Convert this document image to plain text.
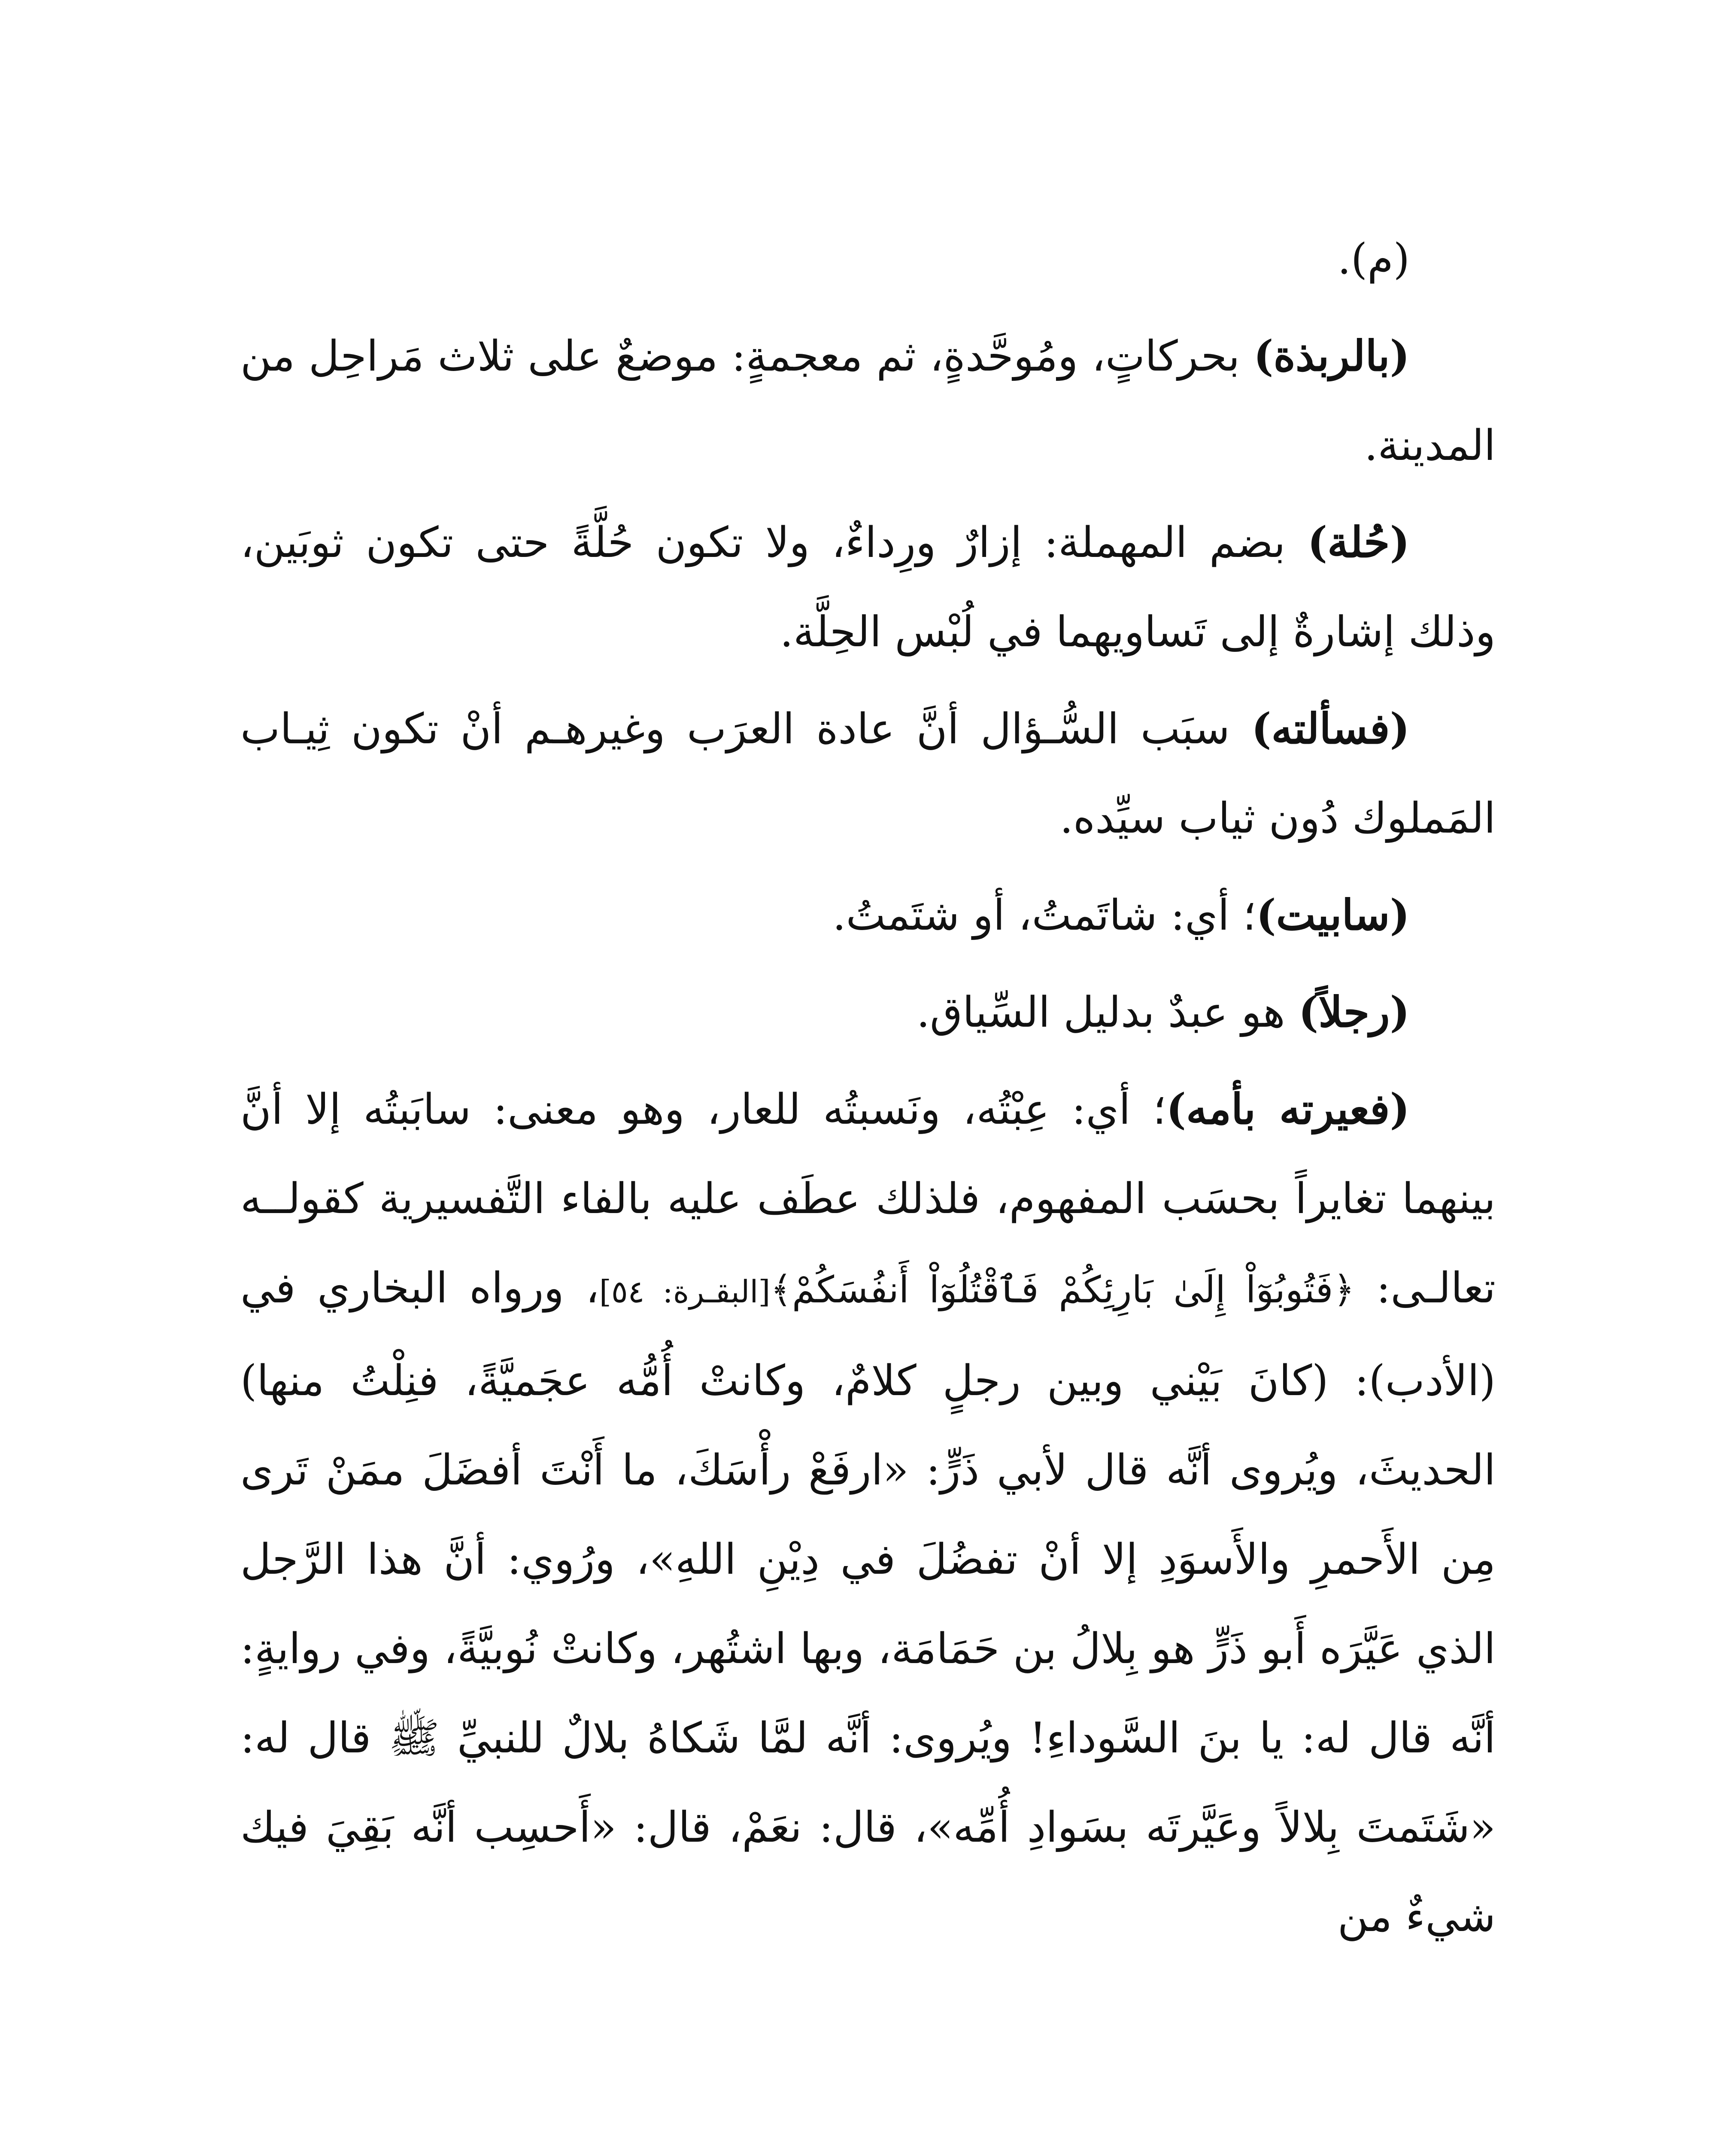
(م).

(بالربذة) بحركاتٍ، ومُوحَّدةٍ، ثم معجمةٍ: موضعٌ على ثلاث مَراحِل من المدينة.

(حُلة) بضم المهملة: إزارٌ ورِداءٌ، ولا تكون حُلَّةً حتى تكون ثوبَين، وذلك إشارةٌ إلى تَساويهما في لُبْس الحِلَّة.

(فسألته) سبَب السُّـؤال أنَّ عادة العرَب وغيرهـم أنْ تكون ثِيـاب المَملوك دُون ثياب سيِّده.

(سابيت)؛ أي: شاتَمتُ، أو شتَمتُ.

(رجلاً) هو عبدٌ بدليل السِّياق.

(فعيرته بأمه)؛ أي: عِبْتُه، ونَسبتُه للعار، وهو معنى: سابَبتُه إلا أنَّ بينهما تغايراً بحسَب المفهوم، فلذلك عطَف عليه بالفاء التَّفسيرية كقولــه تعالـى: ﴿فَتُوبُوٓاْ إِلَىٰ بَارِئِكُمْ فَٱقْتُلُوٓاْ أَنفُسَكُمْ﴾[البقـرة: ٥٤]، ورواه البخاري في (الأدب): (كانَ بَيْني وبين رجلٍ كلامٌ، وكانتْ أُمُّه عجَميَّةً، فنِلْتُ منها) الحديثَ، ويُروى أنَّه قال لأبي ذَرٍّ: «ارفَعْ رأْسَكَ، ما أَنْتَ أفضَلَ ممَنْ تَرى مِن الأَحمرِ والأَسوَدِ إلا أنْ تفضُلَ في دِيْنِ اللهِ»، ورُوي: أنَّ هذا الرَّجل الذي عَيَّرَه أَبو ذَرٍّ هو بِلالُ بن حَمَامَة، وبها اشتُهر، وكانتْ نُوبيَّةً، وفي روايةٍ: أنَّه قال له: يا بنَ السَّوداءِ! ويُروى: أنَّه لمَّا شَكاهُ بلالٌ للنبيِّ ﷺ قال له: «شَتَمتَ بِلالاً وعَيَّرتَه بسَوادِ أُمِّه»، قال: نعَمْ، قال: «أَحسِب أنَّه بَقِيَ فيك شيءٌ من
